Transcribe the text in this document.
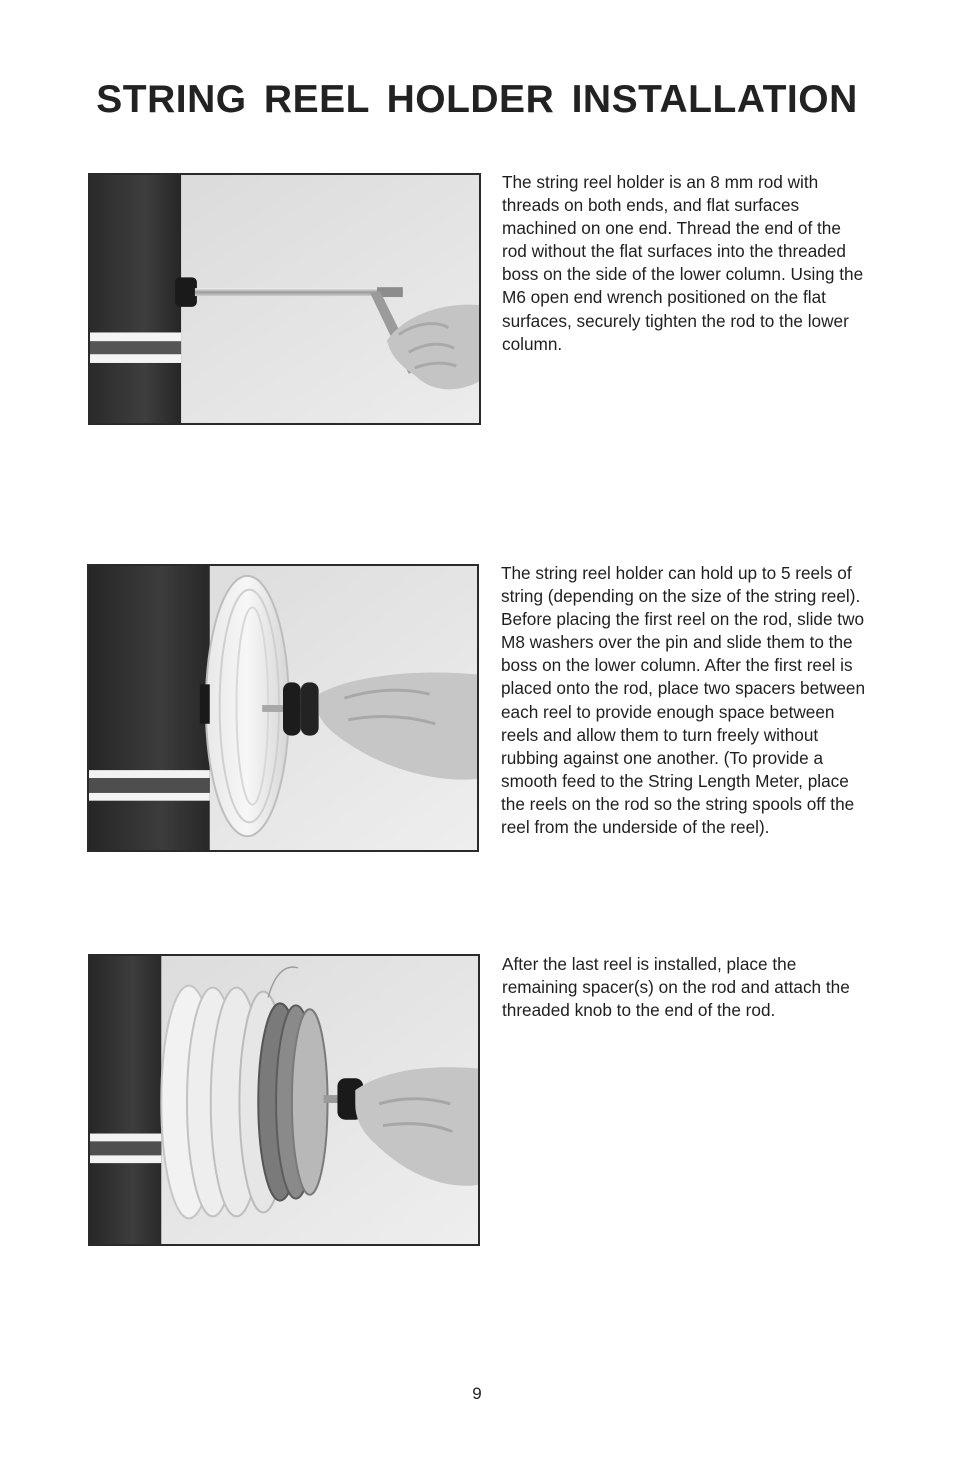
STRING REEL HOLDER INSTALLATION

The string reel holder is an 8 mm rod with threads on both ends, and flat surfaces machined on one end. Thread the end of the rod without the flat surfaces into the threaded boss on the side of the lower column. Using the M6 open end wrench positioned on the flat surfaces, securely tighten the rod to the lower column.

The string reel holder can hold up to 5 reels of string (depending on the size of the string reel). Before placing the first reel on the rod, slide two M8 washers over the pin and slide them to the boss on the lower column. After the first reel is placed onto the rod, place two spacers between each reel to provide enough space between reels and allow them to turn freely without rubbing against one another. (To provide a smooth feed to the String Length Meter, place the reels on the rod so the string spools off the reel from the underside of the reel).

After the last reel is installed, place the remaining spacer(s) on the rod and attach the threaded knob to the end of the rod.

9
